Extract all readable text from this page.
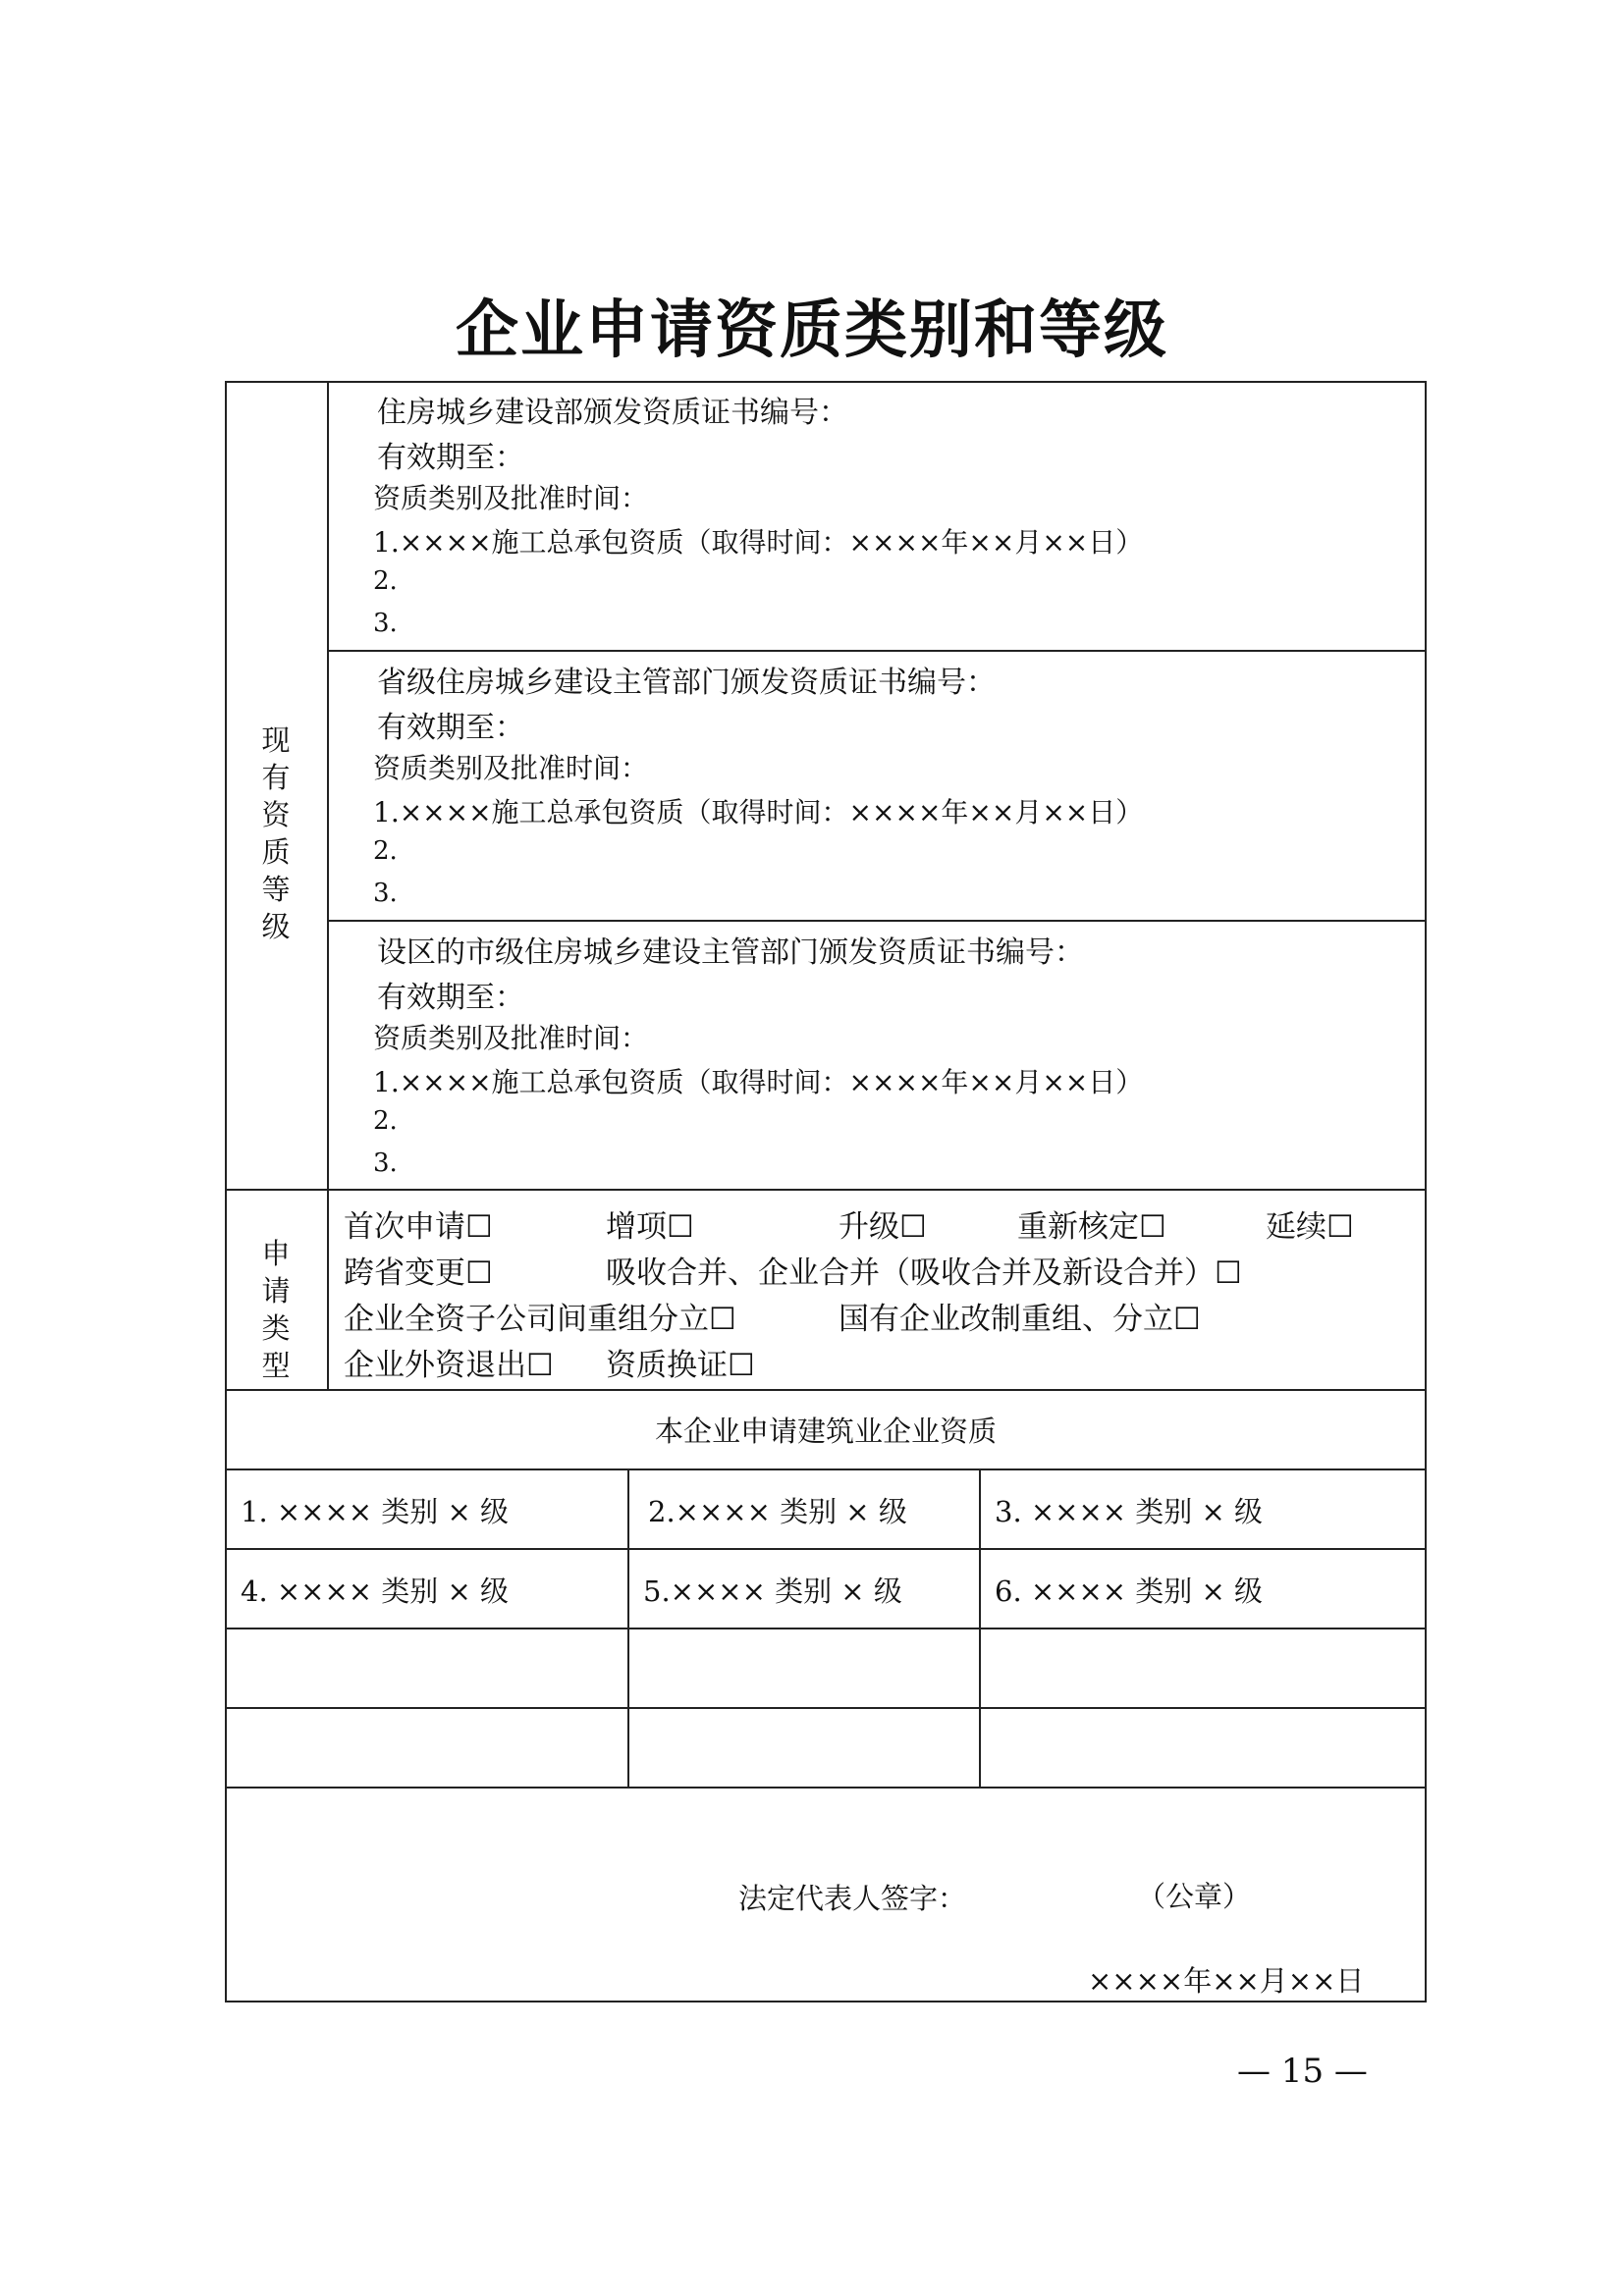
企业申请资质类别和等级
现
有
资
质
等
级
住房城乡建设部颁发资质证书编号：
有效期至：
资质类别及批准时间：
1.××××施工总承包资质（取得时间：××××年××月××日）
2.
3.
省级住房城乡建设主管部门颁发资质证书编号：
有效期至：
资质类别及批准时间：
1.××××施工总承包资质（取得时间：××××年××月××日）
2.
3.
设区的市级住房城乡建设主管部门颁发资质证书编号：
有效期至：
资质类别及批准时间：
1.××××施工总承包资质（取得时间：××××年××月××日）
2.
3.
申
请
类
型
首次申请☐	增项☐	升级☐	重新核定☐	延续☐
跨省变更☐	吸收合并、企业合并（吸收合并及新设合并）☐
企业全资子公司间重组分立☐	国有企业改制重组、分立☐
企业外资退出☐ 资质换证☐
本企业申请建筑业企业资质
1. ×××× 类别 × 级	2.×××× 类别 × 级	3. ×××× 类别 × 级
4. ×××× 类别 × 级	5.×××× 类别 × 级	6. ×××× 类别 × 级
法定代表人签字：	（公章）
××××年××月××日
— 15 —
